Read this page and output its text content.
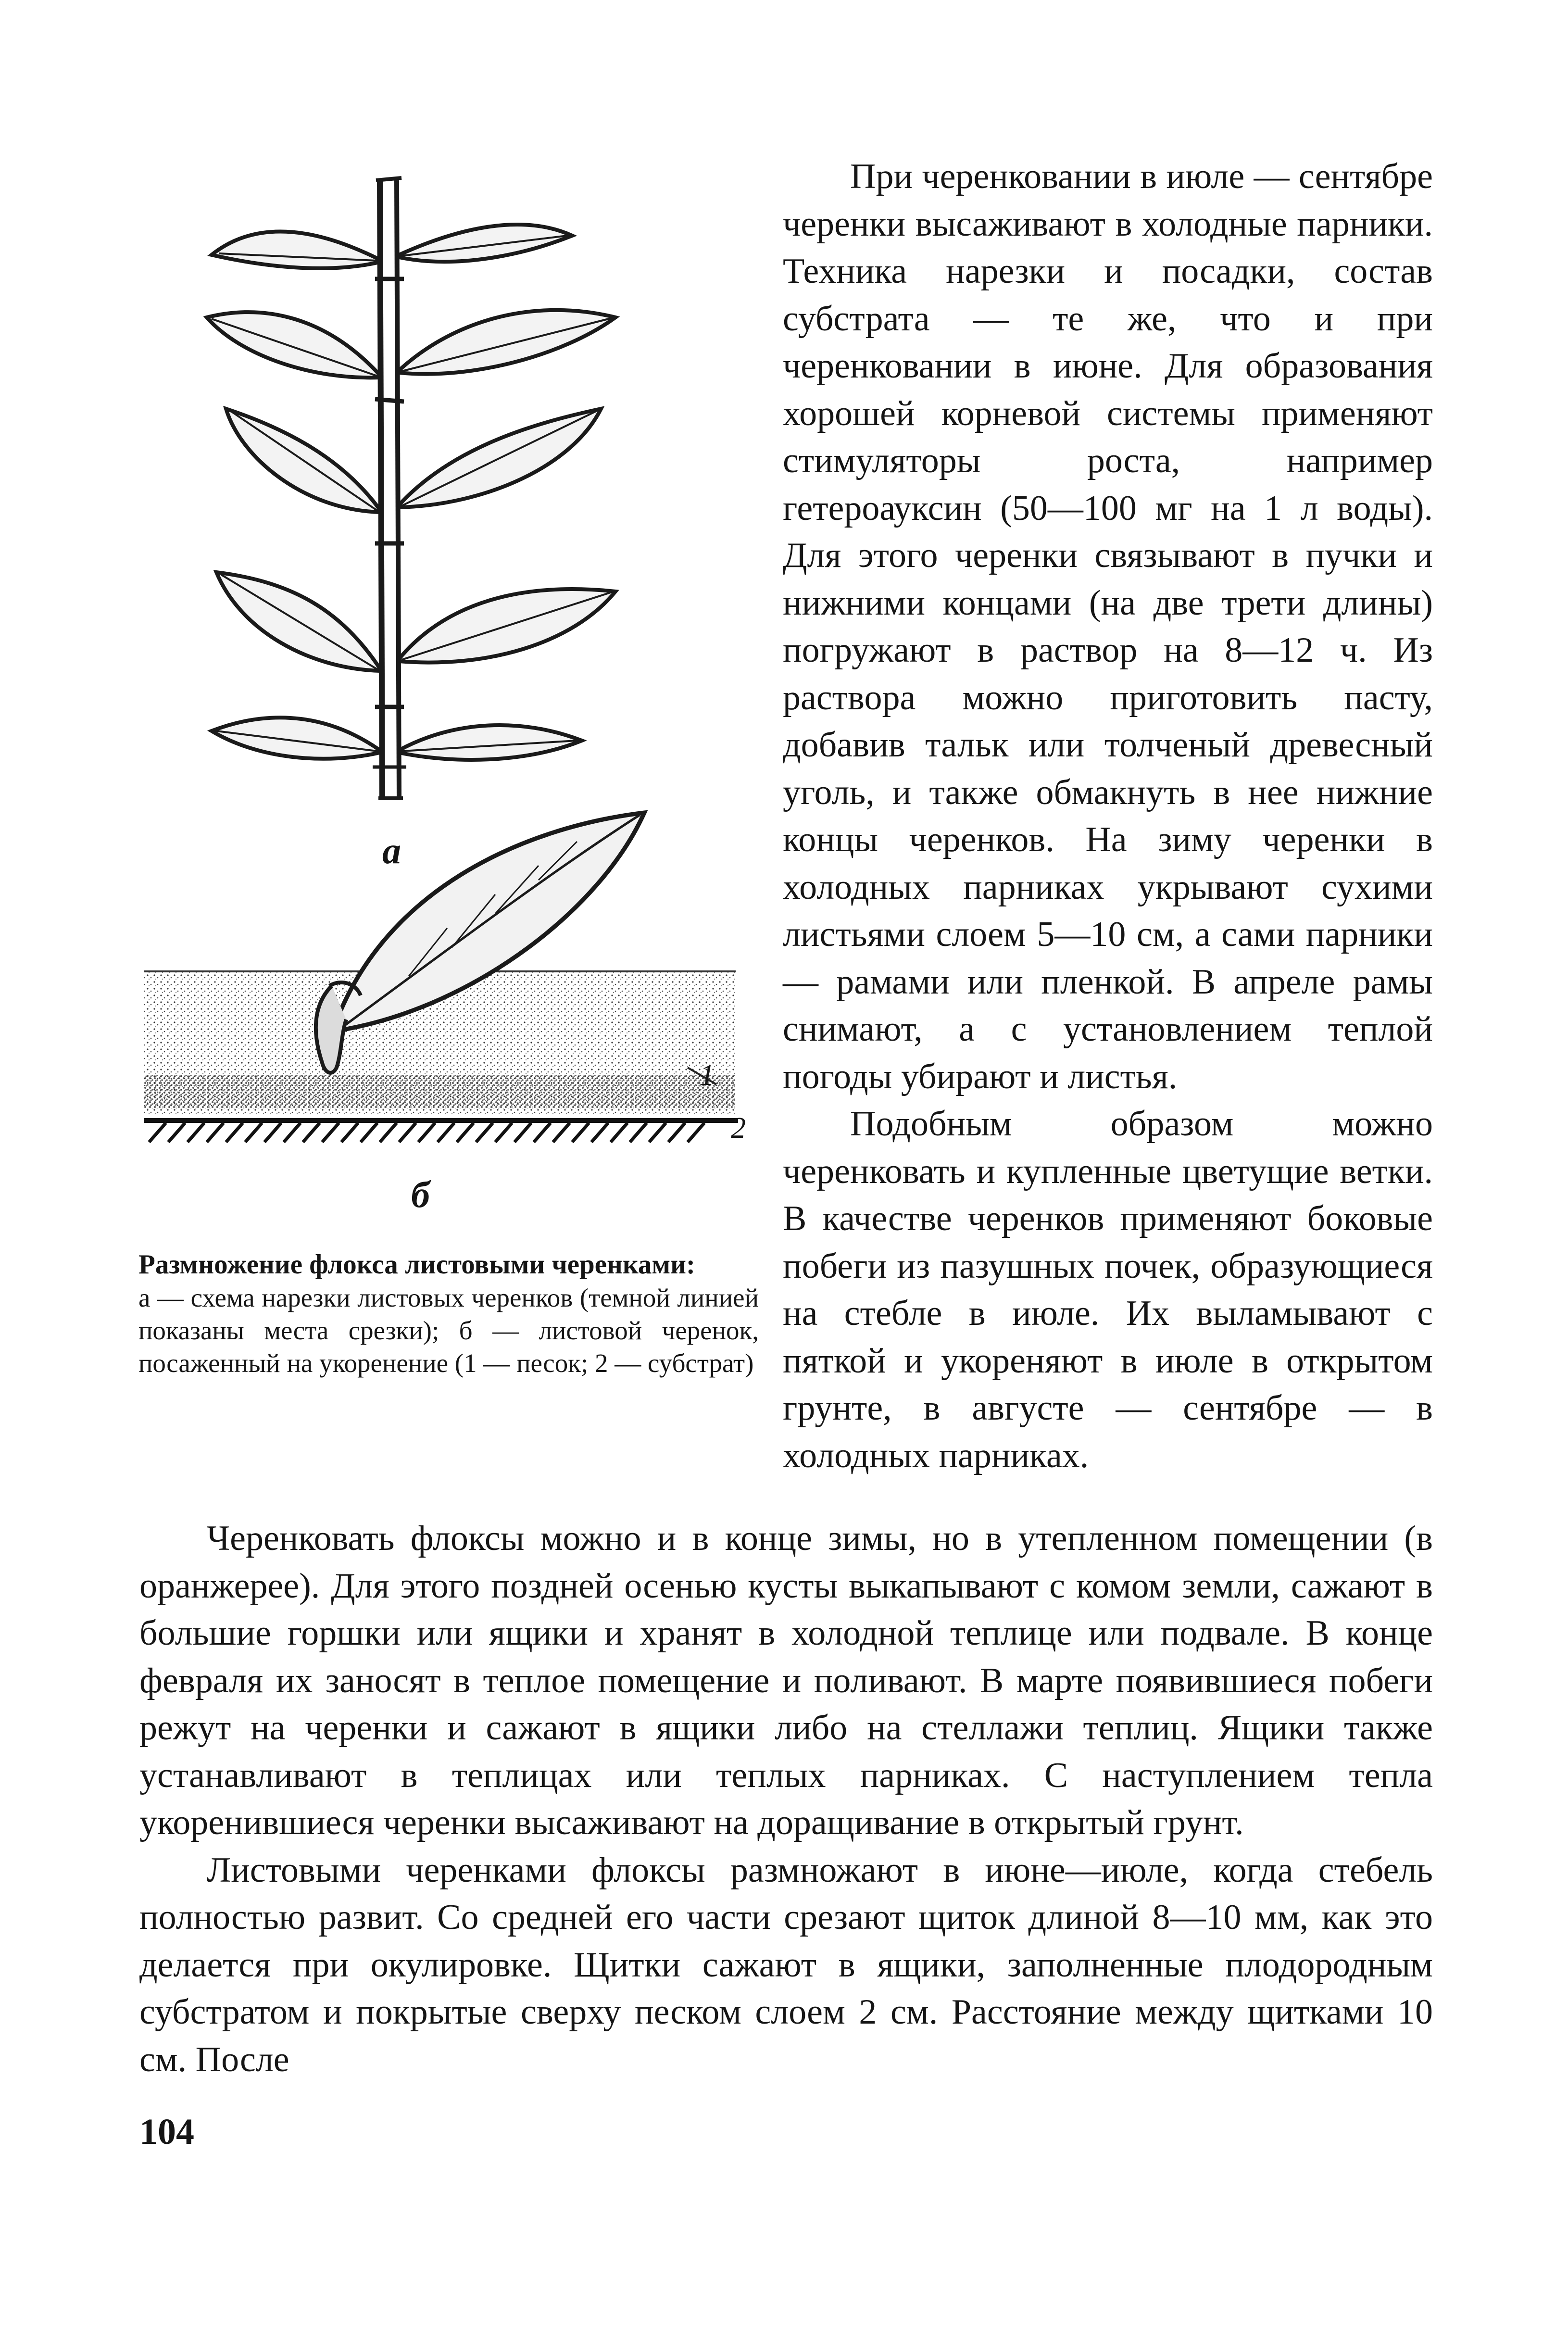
а
б
1
2
Размножение флокса листовыми черенками:
а — схема нарезки листовых черенков (темной линией показаны места срезки); б — листовой черенок, посаженный на укоренение (1 — песок; 2 — субстрат)

При черенковании в июле — сентябре черенки высаживают в холодные парники. Техника нарезки и посадки, состав субстрата — те же, что и при черенковании в июне. Для образования хорошей корневой системы применяют стимуляторы роста, например гетероауксин (50—100 мг на 1 л воды). Для этого черенки связывают в пучки и нижними концами (на две трети длины) погружают в раствор на 8—12 ч. Из раствора можно приготовить пасту, добавив тальк или толченый древесный уголь, и также обмакнуть в нее нижние концы черенков. На зиму черенки в холодных парниках укрывают сухими листьями слоем 5—10 см, а сами парники — рамами или пленкой. В апреле рамы снимают, а с установлением теплой погоды убирают и листья.

Подобным образом можно черенковать и купленные цветущие ветки. В качестве черенков применяют боковые побеги из пазушных почек, образующиеся на стебле в июле. Их выламывают с пяткой и укореняют в июле в открытом грунте, в августе — сентябре — в холодных парниках.

Черенковать флоксы можно и в конце зимы, но в утепленном помещении (в оранжерее). Для этого поздней осенью кусты выкапывают с комом земли, сажают в большие горшки или ящики и хранят в холодной теплице или подвале. В конце февраля их заносят в теплое помещение и поливают. В марте появившиеся побеги режут на черенки и сажают в ящики либо на стеллажи теплиц. Ящики также устанавливают в теплицах или теплых парниках. С наступлением тепла укоренившиеся черенки высаживают на доращивание в открытый грунт.

Листовыми черенками флоксы размножают в июне—июле, когда стебель полностью развит. Со средней его части срезают щиток длиной 8—10 мм, как это делается при окулировке. Щитки сажают в ящики, заполненные плодородным субстратом и покрытые сверху песком слоем 2 см. Расстояние между щитками 10 см. После

104
